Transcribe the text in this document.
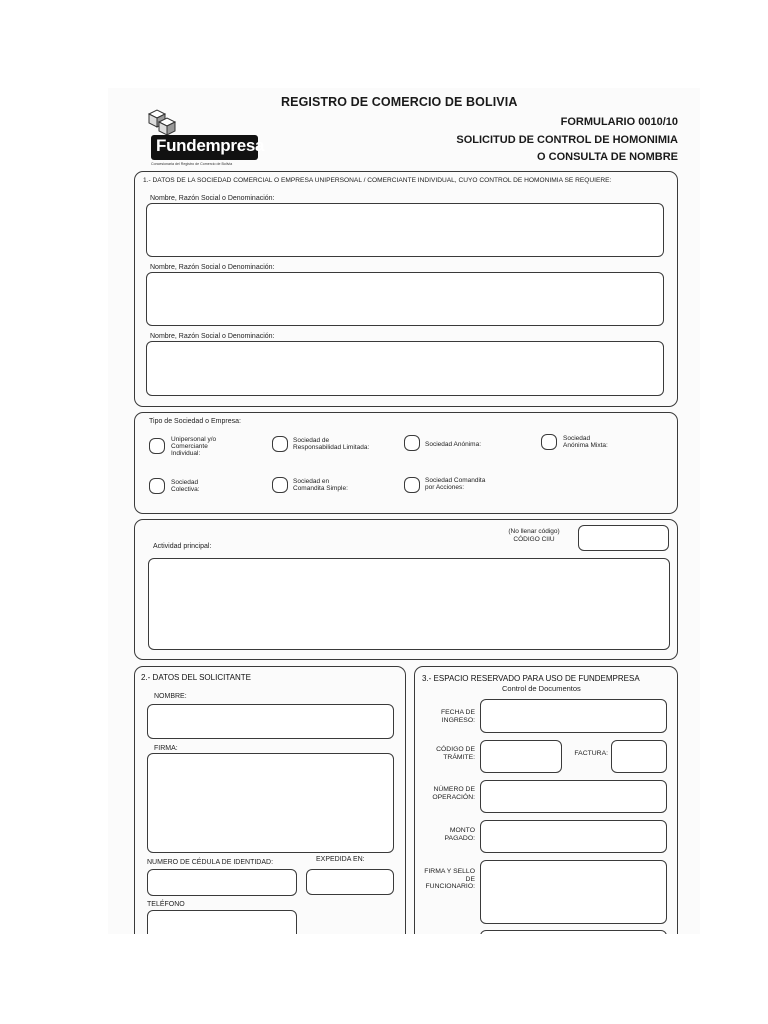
REGISTRO DE COMERCIO DE BOLIVIA
FORMULARIO 0010/10
SOLICITUD DE CONTROL DE HOMONIMIA
O CONSULTA DE NOMBRE
Fundempresa
Concesionaria del Registro de Comercio de Bolivia
1.- DATOS DE LA SOCIEDAD COMERCIAL O EMPRESA UNIPERSONAL / COMERCIANTE INDIVIDUAL, CUYO CONTROL DE HOMONIMIA SE REQUIERE:
Nombre, Razón Social o Denominación:
Nombre, Razón Social o Denominación:
Nombre, Razón Social o Denominación:
Tipo de Sociedad o Empresa:
Unipersonal y/o
Comerciante
Individual:
Sociedad de
Responsabilidad Limitada:	Sociedad Anónima:
Sociedad
Anónima Mixta:
Sociedad
Colectiva:
Sociedad en
Comandita Simple:
Sociedad Comandita
por Acciones:
Actividad principal:
(No llenar código)
CÓDIGO CIIU
2.- DATOS DEL SOLICITANTE
NOMBRE:
FIRMA:
NUMERO DE CÉDULA DE IDENTIDAD:	EXPEDIDA EN:
TELÉFONO
3.- ESPACIO RESERVADO PARA USO DE FUNDEMPRESA
Control de Documentos
FECHA DE
INGRESO:
CÓDIGO DE
TRÁMITE:
FACTURA:
NÚMERO DE
OPERACIÓN:
MONTO
PAGADO:
FIRMA Y SELLO
DE
FUNCIONARIO:
